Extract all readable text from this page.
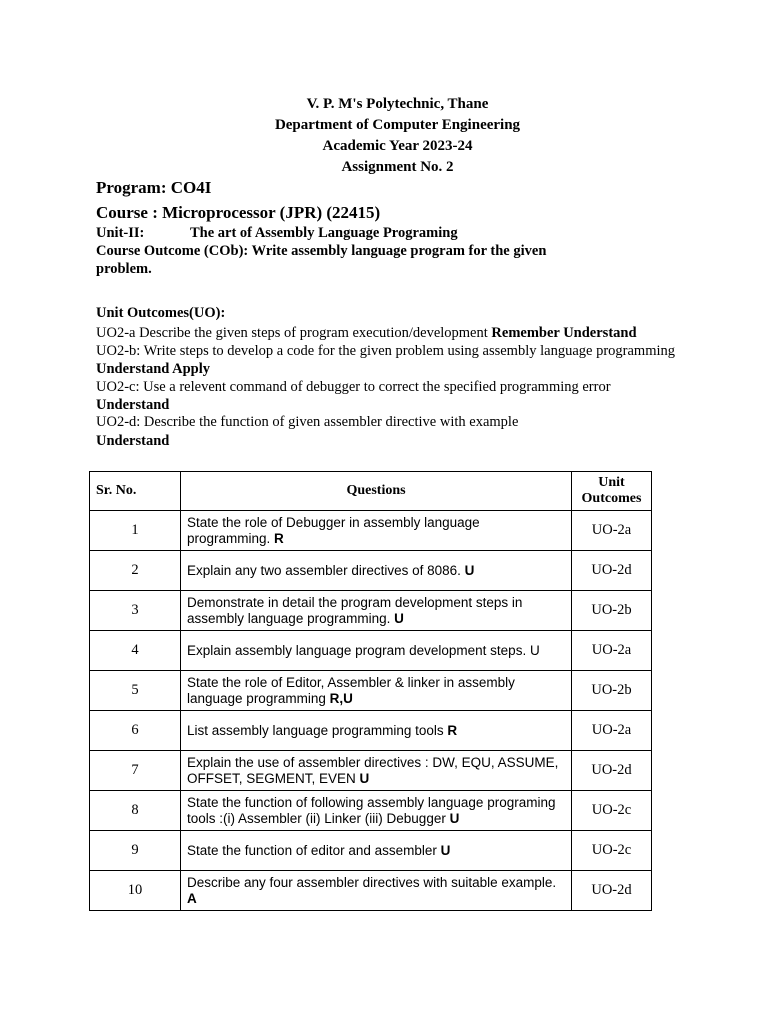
V. P. M's Polytechnic, Thane
Department of Computer Engineering
Academic Year 2023-24
Assignment No. 2
Program: CO4I
Course : Microprocessor (JPR) (22415)
Unit-II:	The art of Assembly Language Programing
Course Outcome (COb): Write assembly language program for the given
problem.
Unit Outcomes(UO):
UO2-a Describe the given steps of program execution/development Remember Understand
UO2-b: Write steps to develop a code for the given problem using assembly language programming
Understand Apply
UO2-c: Use a relevent command of debugger to correct the specified programming error
Understand
UO2-d: Describe the function of given assembler directive with example
Understand
Sr. No.	Questions	Unit
Outcomes

1	State the role of Debugger in assembly language programming. R	UO-2a
2	Explain any two assembler directives of 8086. U	UO-2d
3	Demonstrate in detail the program development steps in assembly language programming. U	UO-2b
4	Explain assembly language program development steps. U	UO-2a
5	State the role of Editor, Assembler & linker in assembly language programming R,U	UO-2b
6	List assembly language programming tools R	UO-2a
7	Explain the use of assembler directives : DW, EQU, ASSUME, OFFSET, SEGMENT, EVEN U	UO-2d
8	State the function of following assembly language programing tools :(i) Assembler (ii) Linker (iii) Debugger U	UO-2c
9	State the function of editor and assembler U	UO-2c
10	Describe any four assembler directives with suitable example. A	UO-2d
